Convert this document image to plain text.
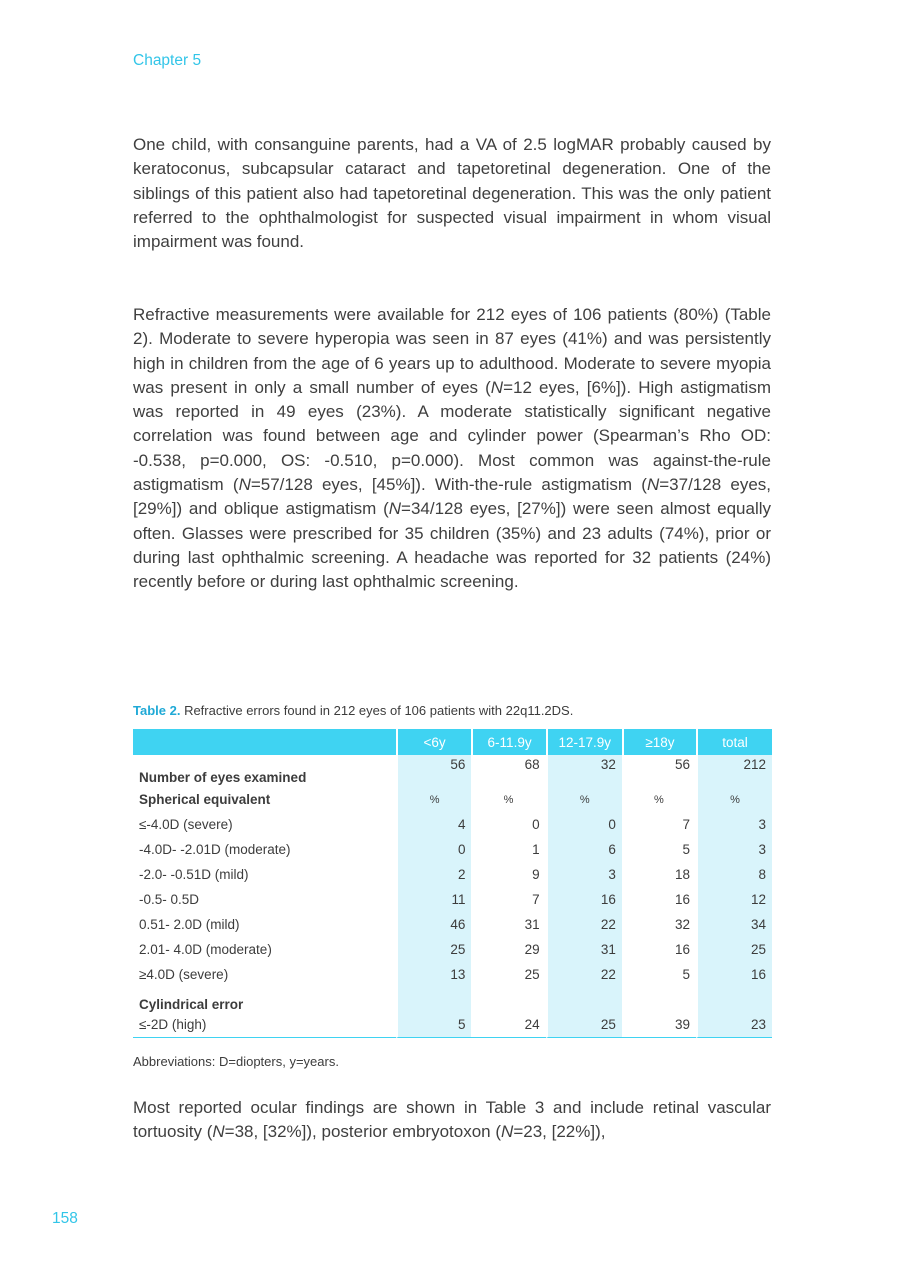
Chapter 5

One child, with consanguine parents, had a VA of 2.5 logMAR probably caused by keratoconus, subcapsular cataract and tapetoretinal degeneration. One of the siblings of this patient also had tapetoretinal degeneration. This was the only patient referred to the ophthalmologist for suspected visual impairment in whom visual impairment was found.

Refractive measurements were available for 212 eyes of 106 patients (80%) (Table 2). Moderate to severe hyperopia was seen in 87 eyes (41%) and was persistently high in children from the age of 6 years up to adulthood. Moderate to severe myopia was present in only a small number of eyes (N=12 eyes, [6%]). High astigmatism was reported in 49 eyes (23%). A moderate statistically significant negative correlation was found between age and cylinder power (Spearman’s Rho OD: -0.538, p=0.000, OS: -0.510, p=0.000). Most common was against-the-rule astigmatism (N=57/128 eyes, [45%]). With-the-rule astigmatism (N=37/128 eyes, [29%]) and oblique astigmatism (N=34/128 eyes, [27%]) were seen almost equally often. Glasses were prescribed for 35 children (35%) and 23 adults (74%), prior or during last ophthalmic screening. A headache was reported for 32 patients (24%) recently before or during last ophthalmic screening.

Table 2. Refractive errors found in 212 eyes of 106 patients with 22q11.2DS.
	<6y	6-11.9y	12-17.9y	≥18y	total
Number of eyes examined	56	68	32	56	212
Spherical equivalent	%	%	%	%	%
≤-4.0D (severe)	4	0	0	7	3
-4.0D- -2.01D (moderate)	0	1	6	5	3
-2.0- -0.51D (mild)	2	9	3	18	8
-0.5- 0.5D	11	7	16	16	12
0.51- 2.0D (mild)	46	31	22	32	34
2.01- 4.0D (moderate)	25	29	31	16	25
≥4.0D (severe)	13	25	22	5	16
Cylindrical error					
≤-2D (high)	5	24	25	39	23
Abbreviations: D=diopters, y=years.

Most reported ocular findings are shown in Table 3 and include retinal vascular tortuosity (N=38, [32%]), posterior embryotoxon (N=23, [22%]),

158
